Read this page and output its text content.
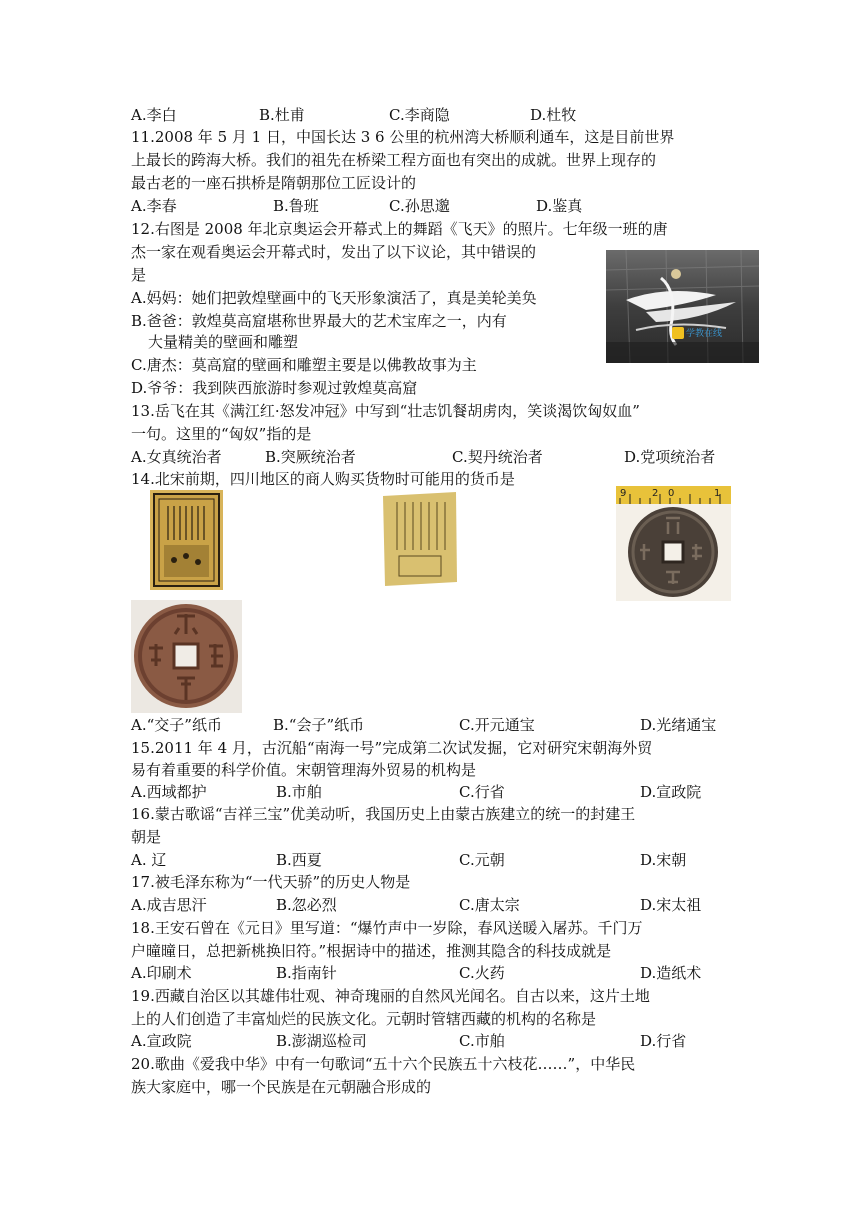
A.李白	B.杜甫	C.李商隐	D.杜牧
11.2008 年 5 月 1 日，中国长达 3 6 公里的杭州湾大桥顺利通车，这是目前世界
上最长的跨海大桥。我们的祖先在桥梁工程方面也有突出的成就。世界上现存的
最古老的一座石拱桥是隋朝那位工匠设计的
A.李春	B.鲁班	C.孙思邈	D.鉴真
12.右图是 2008 年北京奥运会开幕式上的舞蹈《飞天》的照片。七年级一班的唐
杰一家在观看奥运会开幕式时，发出了以下议论，其中错误的
是
A.妈妈：她们把敦煌壁画中的飞天形象演活了，真是美轮美奂
B.爸爸：敦煌莫高窟堪称世界最大的艺术宝库之一，内有
大量精美的壁画和雕塑
C.唐杰：莫高窟的壁画和雕塑主要是以佛教故事为主
D.爷爷：我到陕西旅游时参观过敦煌莫高窟
学教在线
13.岳飞在其《满江红·怒发冲冠》中写到“壮志饥餐胡虏肉，笑谈渴饮匈奴血”
一句。这里的“匈奴”指的是
A.女真统治者	B.突厥统治者	C.契丹统治者	D.党项统治者
14.北宋前期，四川地区的商人购买货物时可能用的货币是
9	2 0	1
A.“交子”纸币	B.“会子”纸币	C.开元通宝	D.光绪通宝
15.2011 年 4 月，古沉船“南海一号”完成第二次试发掘，它对研究宋朝海外贸
易有着重要的科学价值。宋朝管理海外贸易的机构是
A.西域都护	B.市舶	C.行省	D.宣政院
16.蒙古歌谣“吉祥三宝”优美动听，我国历史上由蒙古族建立的统一的封建王
朝是
A. 辽	B.西夏	C.元朝	D.宋朝
17.被毛泽东称为“一代天骄”的历史人物是
A.成吉思汗	B.忽必烈	C.唐太宗	D.宋太祖
18.王安石曾在《元日》里写道：“爆竹声中一岁除，春风送暖入屠苏。千门万
户曈曈日，总把新桃换旧符。”根据诗中的描述，推测其隐含的科技成就是
A.印刷术	B.指南针	C.火药	D.造纸术
19.西藏自治区以其雄伟壮观、神奇瑰丽的自然风光闻名。自古以来，这片土地
上的人们创造了丰富灿烂的民族文化。元朝时管辖西藏的机构的名称是
A.宣政院	B.澎湖巡检司	C.市舶	D.行省
20.歌曲《爱我中华》中有一句歌词“五十六个民族五十六枝花……”，中华民
族大家庭中，哪一个民族是在元朝融合形成的
